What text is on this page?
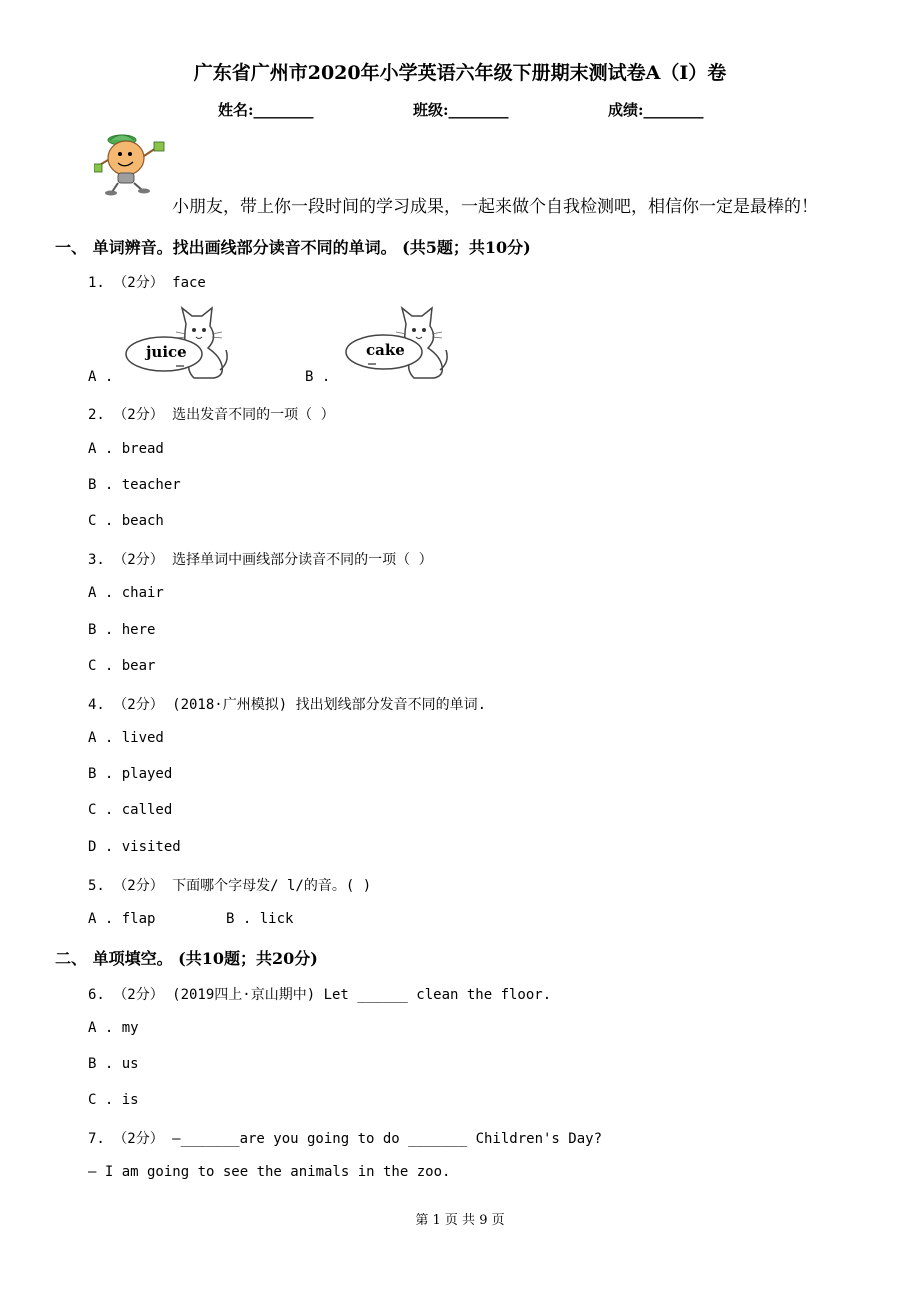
广东省广州市2020年小学英语六年级下册期末测试卷A（I）卷
姓名:________	班级:________	成绩:________
小朋友，带上你一段时间的学习成果，一起来做个自我检测吧，相信你一定是最棒的！
一、 单词辨音。找出画线部分读音不同的单词。 (共5题；共10分)
1. （2分） face
A .
juice
B .
cake
2. （2分） 选出发音不同的一项（ ）
A . bread
B . teacher
C . beach
3. （2分） 选择单词中画线部分读音不同的一项（ ）
A . chair
B . here
C . bear
4. （2分） (2018·广州模拟) 找出划线部分发音不同的单词.
A . lived
B . played
C . called
D . visited
5. （2分） 下面哪个字母发/ l/的音。( )
A . flap	B . lick
二、 单项填空。 (共10题；共20分)
6. （2分） (2019四上·京山期中) Let ______ clean the floor.
A . my
B . us
C . is
7. （2分） —_______are you going to do _______ Children's Day?
— I am going to see the animals in the zoo.
第 1 页 共 9 页
